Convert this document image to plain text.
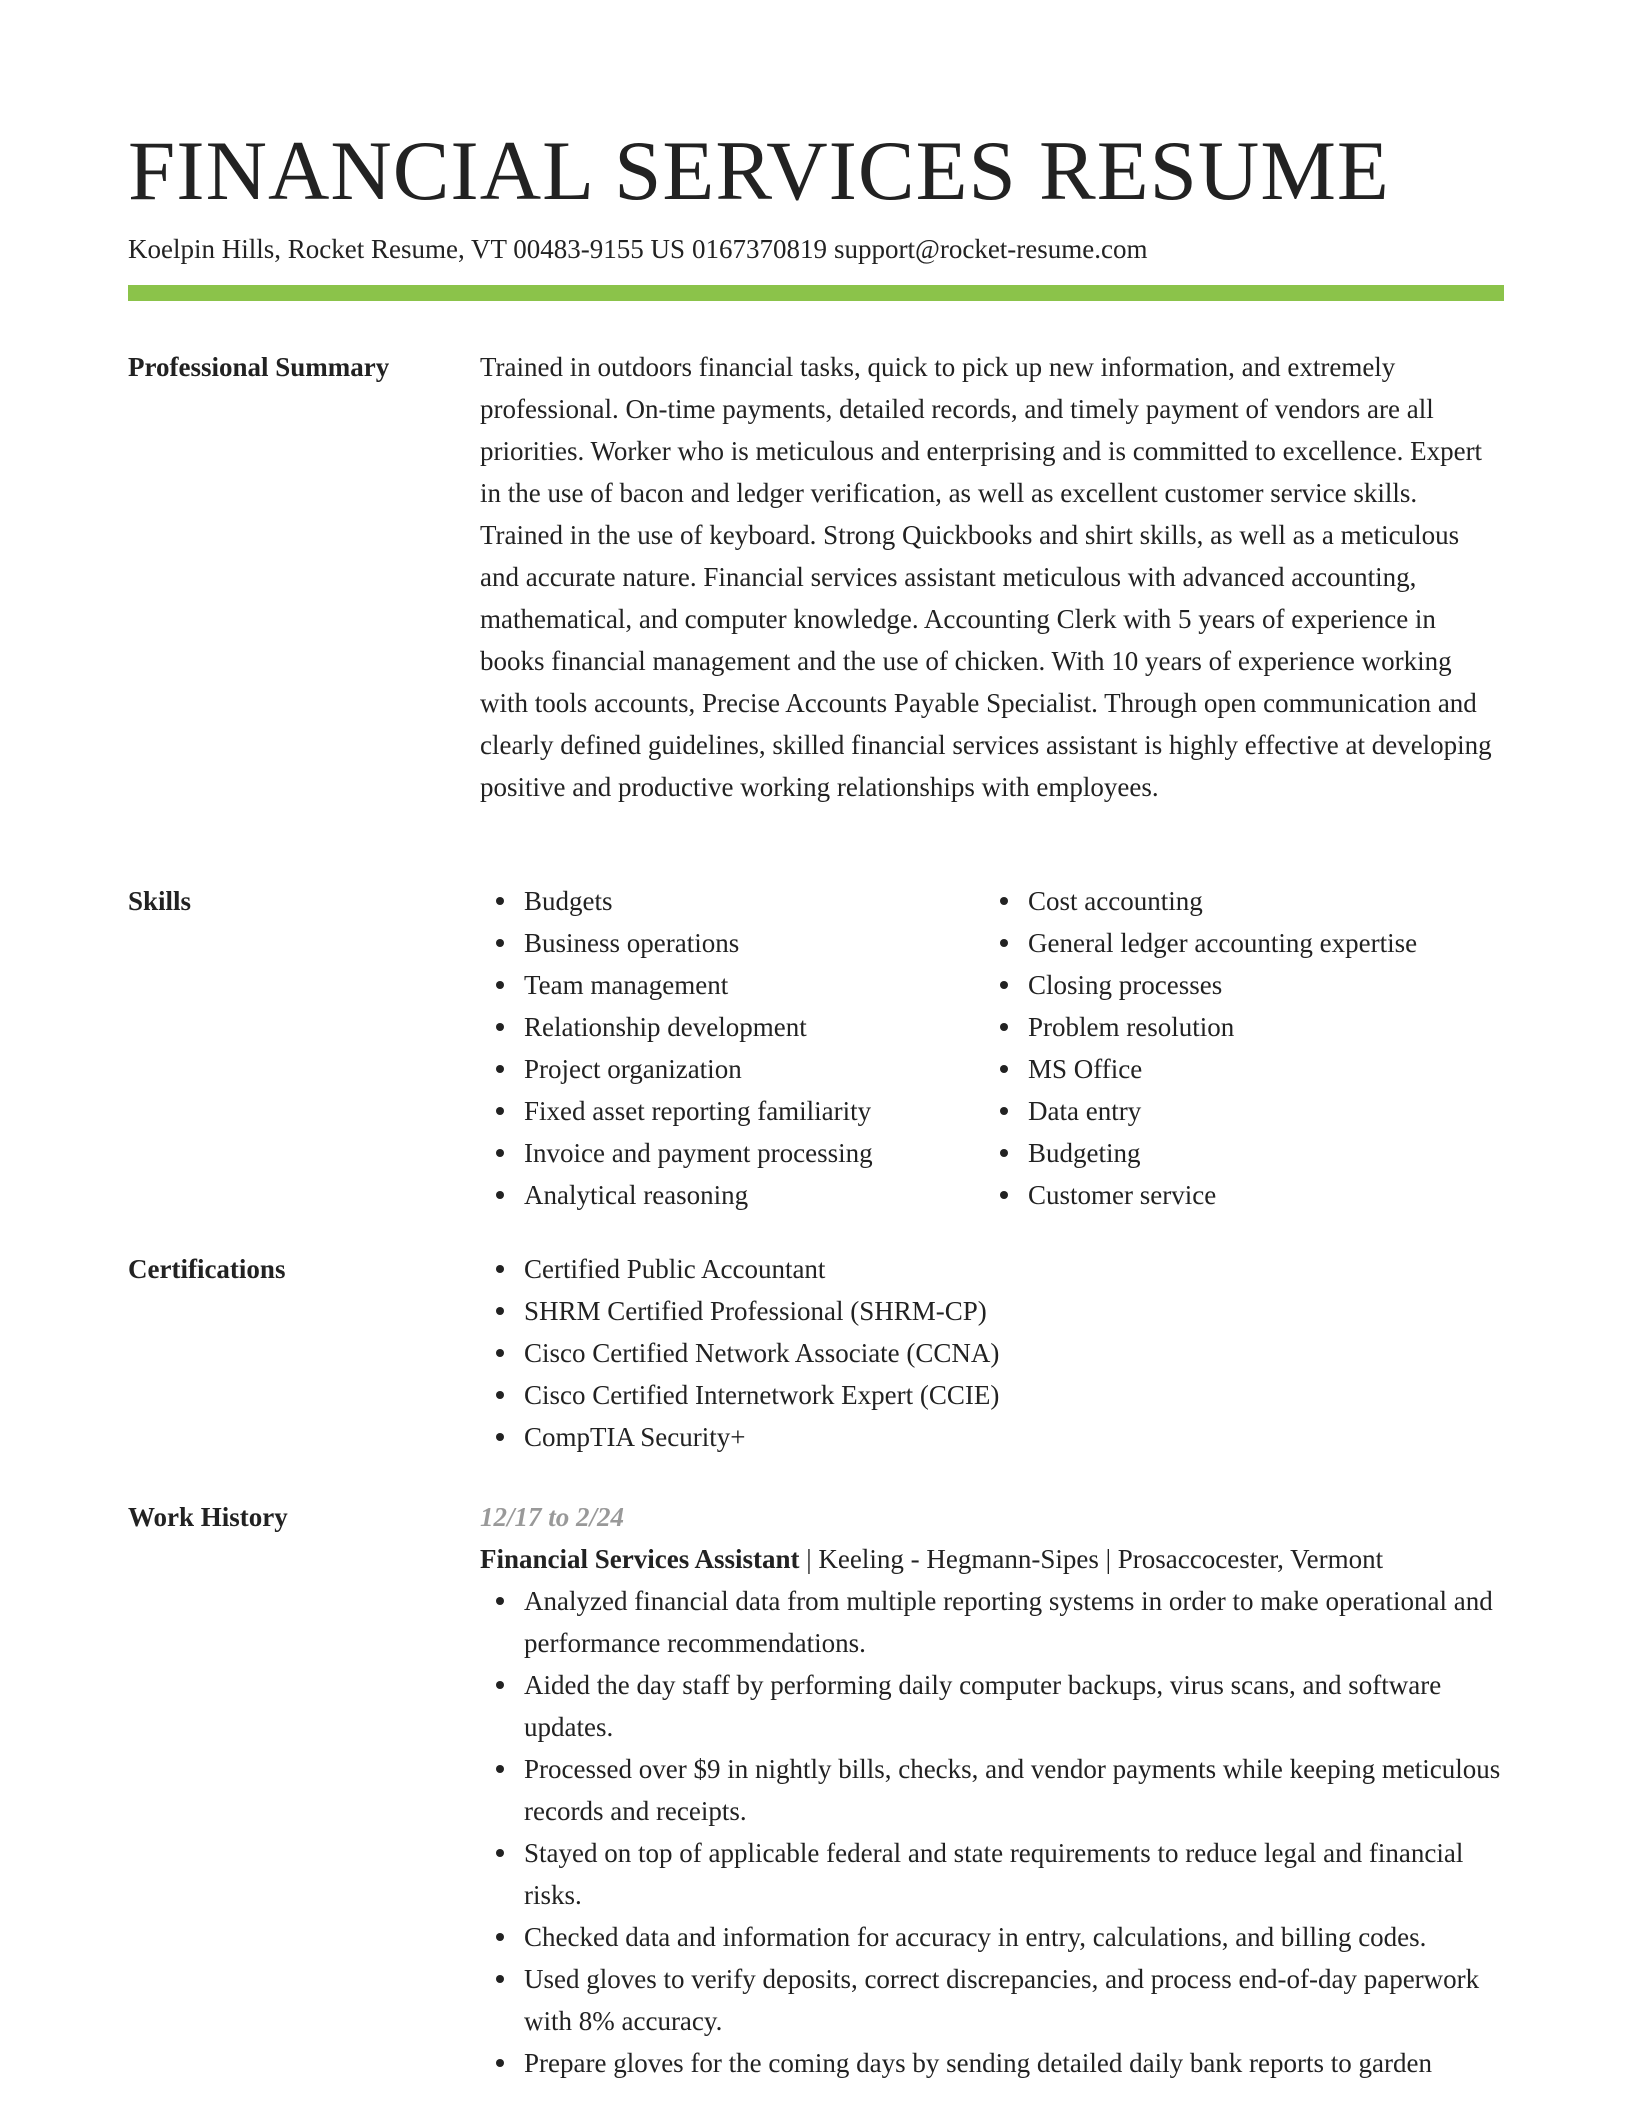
FINANCIAL SERVICES RESUME
Koelpin Hills, Rocket Resume, VT 00483-9155 US 0167370819 support@rocket-resume.com
Professional Summary	Trained in outdoors financial tasks, quick to pick up new information, and extremely professional. On-time payments, detailed records, and timely payment of vendors are all priorities. Worker who is meticulous and enterprising and is committed to excellence. Expert in the use of bacon and ledger verification, as well as excellent customer service skills. Trained in the use of keyboard. Strong Quickbooks and shirt skills, as well as a meticulous and accurate nature. Financial services assistant meticulous with advanced accounting, mathematical, and computer knowledge. Accounting Clerk with 5 years of experience in books financial management and the use of chicken. With 10 years of experience working with tools accounts, Precise Accounts Payable Specialist. Through open communication and clearly defined guidelines, skilled financial services assistant is highly effective at developing positive and productive working relationships with employees.

Skills	Budgets
Business operations
Team management
Relationship development
Project organization
Fixed asset reporting familiarity
Invoice and payment processing
Analytical reasoning
Cost accounting
General ledger accounting expertise
Closing processes
Problem resolution
MS Office
Data entry
Budgeting
Customer service
Certifications	Certified Public Accountant
SHRM Certified Professional (SHRM-CP)
Cisco Certified Network Associate (CCNA)
Cisco Certified Internetwork Expert (CCIE)
CompTIA Security+
Work History	12/17 to 2/24
Financial Services Assistant | Keeling - Hegmann-Sipes | Prosaccocester, Vermont
Analyzed financial data from multiple reporting systems in order to make operational and performance recommendations.
Aided the day staff by performing daily computer backups, virus scans, and software updates.
Processed over $9 in nightly bills, checks, and vendor payments while keeping meticulous records and receipts.
Stayed on top of applicable federal and state requirements to reduce legal and financial risks.
Checked data and information for accuracy in entry, calculations, and billing codes.
Used gloves to verify deposits, correct discrepancies, and process end-of-day paperwork with 8% accuracy.
Prepare gloves for the coming days by sending detailed daily bank reports to garden
